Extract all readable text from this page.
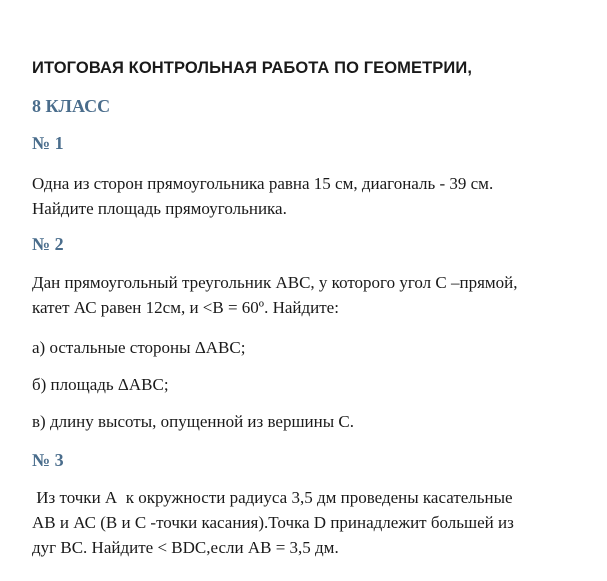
ИТОГОВАЯ КОНТРОЛЬНАЯ РАБОТА ПО ГЕОМЕТРИИ,
8 КЛАСС
№ 1
Одна из сторон прямоугольника равна 15 см, диагональ - 39 см.
Найдите площадь прямоугольника.
№ 2
Дан прямоугольный треугольник АВС, у которого угол С –прямой,
катет АС равен 12см, и <В = 60º. Найдите:
а) остальные стороны ΔАВС;
б) площадь ΔАВС;
в) длину высоты, опущенной из вершины С.
№ 3
Из точки А  к окружности радиуса 3,5 дм проведены касательные
АВ и АС (В и С -точки касания).Точка D принадлежит большей из
дуг ВС. Найдите < ВDC,если АВ = 3,5 дм.
